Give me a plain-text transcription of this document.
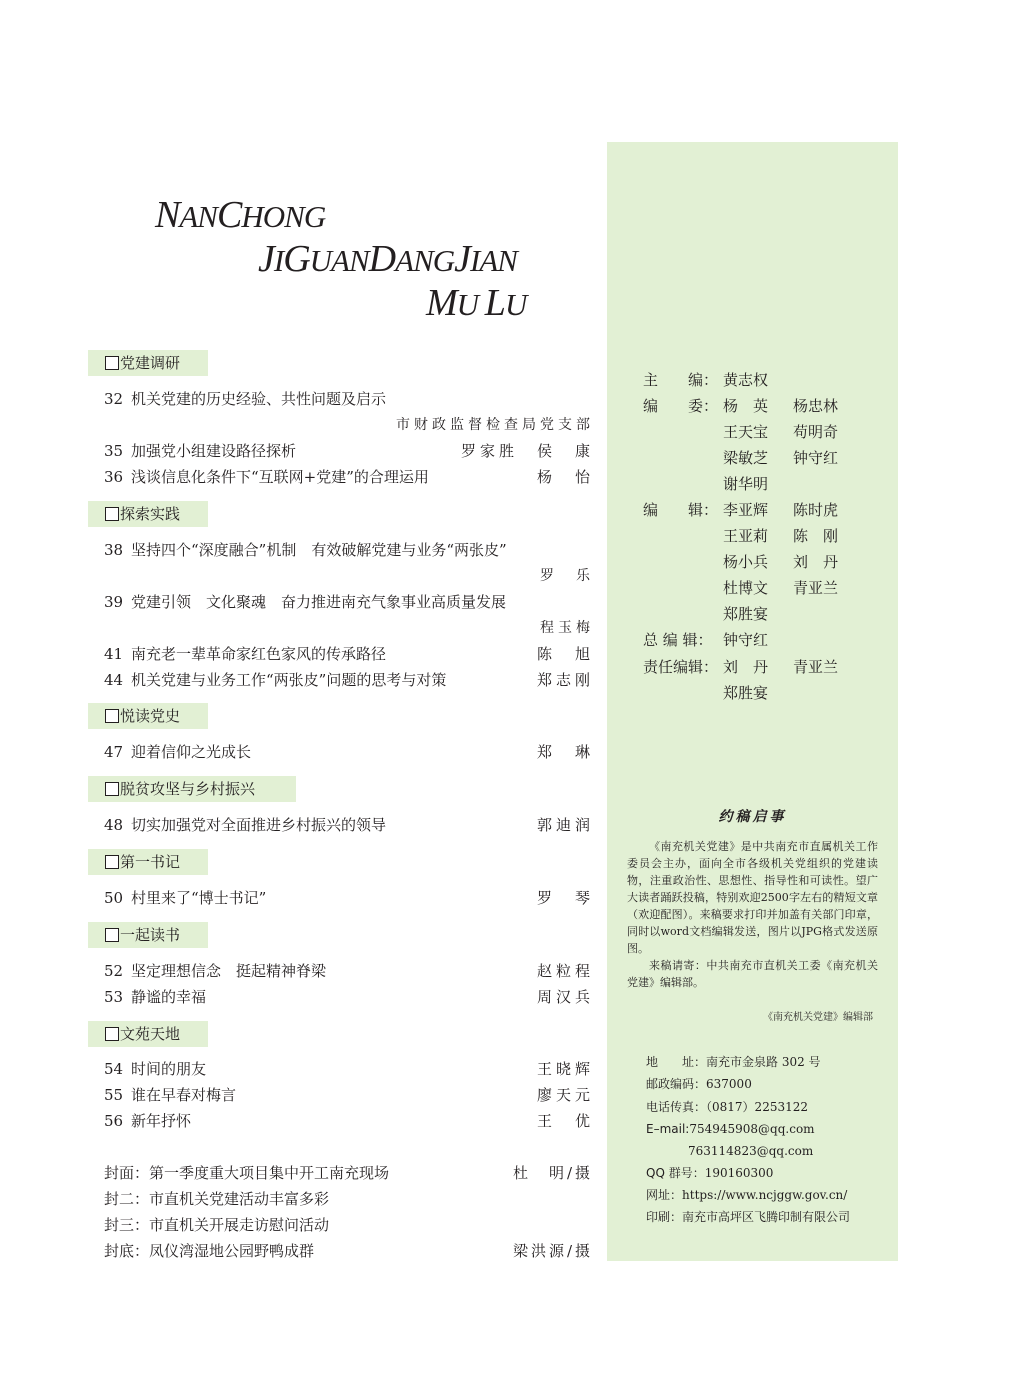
NANCHONG
JIGUANDANGJIAN
MU LU
党建调研
32 机关党建的历史经验、共性问题及启示
市财政监督检查局党支部
35 加强党小组建设路径探析	罗家胜　侯　康
36 浅谈信息化条件下“互联网+党建”的合理运用	杨　怡
探索实践
38 坚持四个“深度融合”机制　有效破解党建与业务“两张皮”
罗　乐
39 党建引领　文化聚魂　奋力推进南充气象事业高质量发展
程玉梅
41 南充老一辈革命家红色家风的传承路径	陈　旭
44 机关党建与业务工作“两张皮”问题的思考与对策	郑志刚
悦读党史
47 迎着信仰之光成长	郑　琳
脱贫攻坚与乡村振兴
48 切实加强党对全面推进乡村振兴的领导	郭迪润
第一书记
50 村里来了“博士书记”	罗　琴
一起读书
52 坚定理想信念　挺起精神脊梁	赵粒程
53 静谧的幸福	周汉兵
文苑天地
54 时间的朋友	王晓辉
55 谁在早春对梅言	廖天元
56 新年抒怀	王　优
封面：第一季度重大项目集中开工南充现场	杜　明/摄
封二：市直机关党建活动丰富多彩
封三：市直机关开展走访慰问活动
封底：凤仪湾湿地公园野鸭成群	梁洪源/摄
主　　编： 黄志权
编　　委： 杨　英 杨忠林
王天宝 苟明奇
梁敏芝 钟守红
谢华明
编　　辑： 李亚辉 陈时虎
王亚莉 陈　刚
杨小兵 刘　丹
杜博文 青亚兰
郑胜宴
总 编 辑： 钟守红
责任编辑： 刘　丹 青亚兰
郑胜宴
约稿启事

《南充机关党建》是中共南充市直属机关工作委员会主办，面向全市各级机关党组织的党建读物，注重政治性、思想性、指导性和可读性。望广大读者踊跃投稿，特别欢迎2500字左右的精短文章（欢迎配图）。来稿要求打印并加盖有关部门印章，同时以word文档编辑发送，图片以JPG格式发送原图。

来稿请寄：中共南充市直机关工委《南充机关党建》编辑部。

《南充机关党建》编辑部
地　　址：南充市金泉路 302 号
邮政编码：637000
电话传真：（0817）2253122
E–mail:754945908@qq.com
763114823@qq.com
QQ 群号：190160300
网址：https://www.ncjggw.gov.cn/
印刷：南充市高坪区飞腾印制有限公司
